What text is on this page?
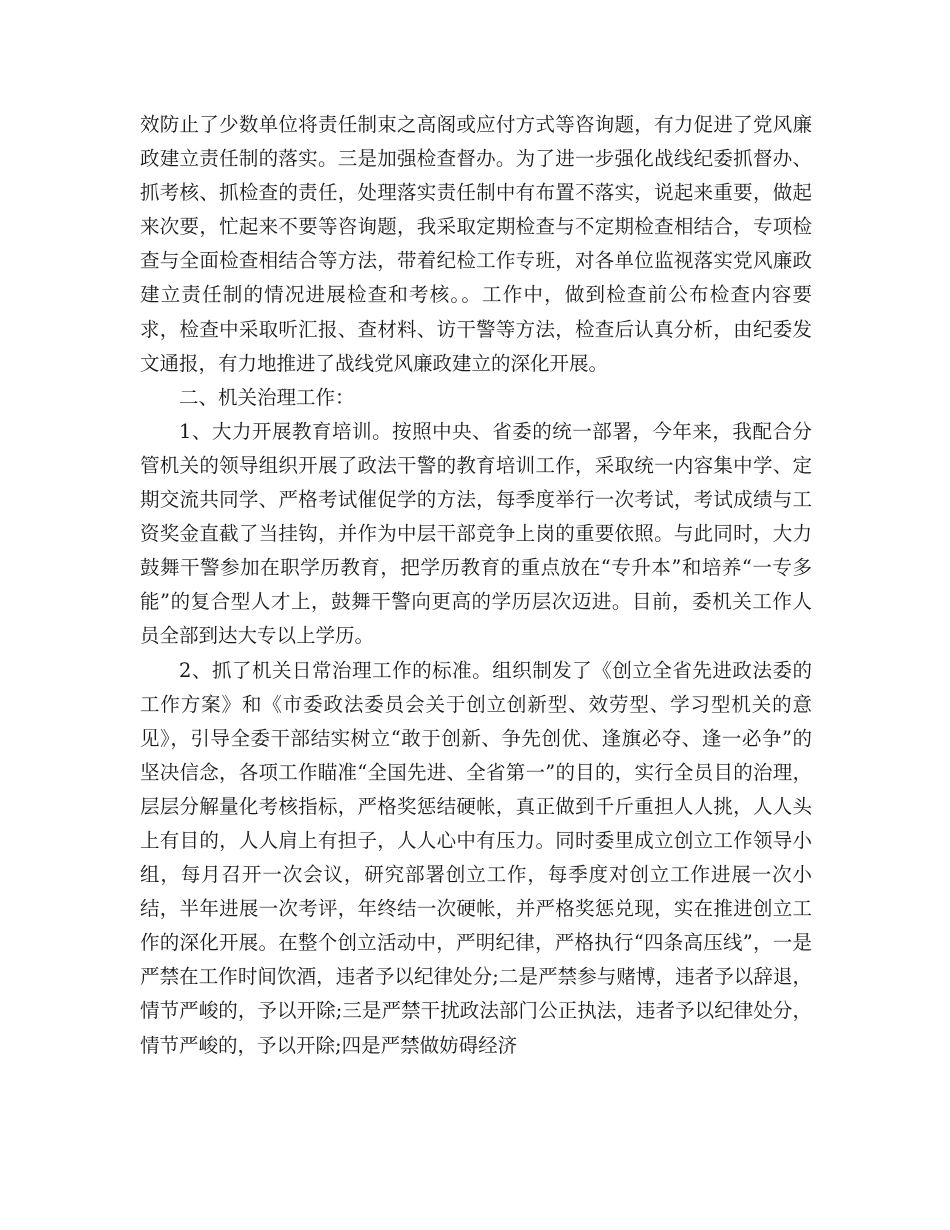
效防止了少数单位将责任制束之高阁或应付方式等咨询题，有力促进了党风廉政建立责任制的落实。三是加强检查督办。为了进一步强化战线纪委抓督办、抓考核、抓检查的责任，处理落实责任制中有布置不落实，说起来重要，做起来次要，忙起来不要等咨询题，我采取定期检查与不定期检查相结合，专项检查与全面检查相结合等方法，带着纪检工作专班，对各单位监视落实党风廉政建立责任制的情况进展检查和考核。。工作中，做到检查前公布检查内容要求，检查中采取听汇报、查材料、访干警等方法，检查后认真分析，由纪委发文通报，有力地推进了战线党风廉政建立的深化开展。

二、机关治理工作：

1、大力开展教育培训。按照中央、省委的统一部署，今年来，我配合分管机关的领导组织开展了政法干警的教育培训工作，采取统一内容集中学、定期交流共同学、严格考试催促学的方法，每季度举行一次考试，考试成绩与工资奖金直截了当挂钩，并作为中层干部竞争上岗的重要依照。与此同时，大力鼓舞干警参加在职学历教育，把学历教育的重点放在“专升本”和培养“一专多能”的复合型人才上，鼓舞干警向更高的学历层次迈进。目前，委机关工作人员全部到达大专以上学历。

2、抓了机关日常治理工作的标准。组织制发了《创立全省先进政法委的工作方案》和《市委政法委员会关于创立创新型、效劳型、学习型机关的意见》，引导全委干部结实树立“敢于创新、争先创优、逢旗必夺、逢一必争”的坚决信念，各项工作瞄准“全国先进、全省第一”的目的，实行全员目的治理，层层分解量化考核指标，严格奖惩结硬帐，真正做到千斤重担人人挑，人人头上有目的，人人肩上有担子，人人心中有压力。同时委里成立创立工作领导小组，每月召开一次会议，研究部署创立工作，每季度对创立工作进展一次小结，半年进展一次考评，年终结一次硬帐，并严格奖惩兑现，实在推进创立工作的深化开展。在整个创立活动中，严明纪律，严格执行“四条高压线”，一是严禁在工作时间饮酒，违者予以纪律处分;二是严禁参与赌博，违者予以辞退，情节严峻的，予以开除;三是严禁干扰政法部门公正执法，违者予以纪律处分，情节严峻的，予以开除;四是严禁做妨碍经济
